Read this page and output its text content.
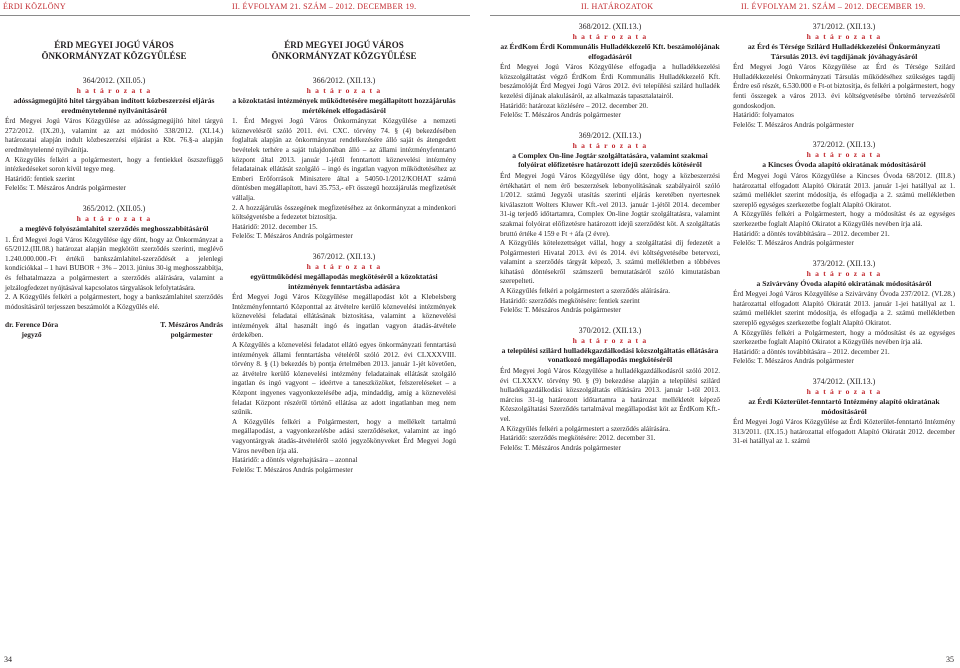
ÉRDI KÖZLÖNY	II. ÉVFOLYAM 21. SZÁM – 2012. DECEMBER 19.	II. HATÁROZATOK	II. ÉVFOLYAM 21. SZÁM – 2012. DECEMBER 19.
ÉRD MEGYEI JOGÚ VÁROS
ÖNKORMÁNYZAT KÖZGYŰLÉSE
364/2012. (XII.05.)
h a t á r o z a t a
adósságmegújító hitel tárgyában indított közbeszerzési eljárás eredménytelenné nyilvánításáról

Érd Megyei Jogú Város Közgyűlése az adósságmegújító hitel tárgyú 272/2012. (IX.20.), valamint az azt módosító 338/2012. (XI.14.) határozatai alapján indult közbeszerzési eljárást a Kbt. 76.§-a alapján eredménytelenné nyilvánítja.

A Közgyűlés felkéri a polgármestert, hogy a fentiekkel öszszefüggő intézkedéseket soron kívül tegye meg.

Határidő: fentiek szerint

Felelős: T. Mészáros András polgármester

365/2012. (XII.05.)
h a t á r o z a t a
a meglévő folyószámlahitel szerződés meghosszabbításáról

1. Érd Megyei Jogú Város Közgyűlése úgy dönt, hogy az Önkormányzat a 65/2012.(III.08.) határozat alapján megkötött szerződés szerinti, meglévő 1.240.000.000.-Ft értékű bankszámlahitel-szerződését a jelenlegi kondíciókkal – 1 havi BUBOR + 3% – 2013. június 30-ig meghosszabbítja, és felhatalmazza a polgármestert a szerződés aláírására, valamint a jelzálogfedezet nyújtásával kapcsolatos tárgyalások lefolytatására.

2. A Közgyűlés felkéri a polgármestert, hogy a bankszámlahitel szerződés módosításáról terjesszen beszámolót a Közgyűlés elé.

dr. Ference Dóra
jegyző
T. Mészáros András
polgármester
ÉRD MEGYEI JOGÚ VÁROS
ÖNKORMÁNYZAT KÖZGYŰLÉSE
366/2012. (XII.13.)
h a t á r o z a t a
a közoktatási intézmények működtetésére megállapított hozzájárulás mértékének elfogadásáról

1. Érd Megyei Jogú Város Önkormányzat Közgyűlése a nemzeti köznevelésről szóló 2011. évi. CXC. törvény 74. § (4) bekezdésében foglaltak alapján az önkormányzat rendelkezésére álló saját és átengedett bevételek terhére a saját tulajdonában álló – az állami intézményfenntartó központ által 2013. január 1-jétől fenntartott köznevelési intézmény feladatainak ellátását szolgáló – ingó és ingatlan vagyon működtetéséhez az Emberi Erőforrások Minisztere által a 54050-1/2012/KOHAT számú döntésben megállapított, havi 35.753,- eFt összegű hozzájárulás megfizetését vállalja.

2. A hozzájárulás összegének megfizetéséhez az önkormányzat a mindenkori költségvetésbe a fedezetet biztosítja.

Határidő: 2012. december 15.

Felelős: T. Mészáros András polgármester

367/2012. (XII.13.)
h a t á r o z a t a
együttműködési megállapodás megkötéséről a közoktatási intézmények fenntartásba adására

Érd Megyei Jogú Város Közgyűlése megállapodást köt a Klebelsberg Intézményfenntartó Központtal az átvételre kerülő köznevelési intézmények köznevelési feladatai ellátásának biztosítása, valamint a köznevelési intézmények által használt ingó és ingatlan vagyon átadás-átvétele érdekében.

A Közgyűlés a köznevelési feladatot ellátó egyes önkormányzati fenntartású intézmények állami fenntartásba vételéről szóló 2012. évi CLXXXVIII. törvény 8. § (1) bekezdés b) pontja értelmében 2013. január 1-jét követően, az átvételre kerülő köznevelési intézmény feladatainak ellátását szolgáló ingatlan és ingó vagyont – ideértve a taneszközöket, felszereléseket – a Központ ingyenes vagyonkezelésébe adja, mindaddig, amíg a köznevelési feladat Központ részéről történő ellátása az adott ingatlanban meg nem szűnik.

A Közgyűlés felkéri a Polgármestert, hogy a mellékelt tartalmú megállapodást, a vagyonkezelésbe adási szerződéseket, valamint az ingó vagyontárgyak átadás-átvételéről szóló jegyzőkönyveket Érd Megyei Jogú Város nevében írja alá.

Határidő: a döntés végrehajtására – azonnal

Felelős: T. Mészáros András polgármester

368/2012. (XII.13.)
h a t á r o z a t a
az ÉrdKom Érdi Kommunális Hulladékkezelő Kft. beszámolójának elfogadásáról

Érd Megyei Jogú Város Közgyűlése elfogadja a hulladékkezelési közszolgáltatást végző ÉrdKom Érdi Kommunális Hulladékkezelő Kft. beszámolóját Érd Megyei Jogú Város 2012. évi települési szilárd hulladék kezelési díjának alakulásáról, az alkalmazás tapasztalatairól.

Határidő: határozat közlésére – 2012. december 20.

Felelős: T. Mészáros András polgármester

369/2012. (XII.13.)
h a t á r o z a t a
a Complex On-line Jogtár szolgáltatására, valamint szakmai folyóirat előfizetésre határozott idejű szerződés kötéséről

Érd Megyei Jogú Város Közgyűlése úgy dönt, hogy a közbeszerzési értékhatárt el nem érő beszerzések lebonyolításának szabályairól szóló 1/2012. számú Jegyzői utasítás szerinti eljárás keretében nyertesnek kiválasztott Wolters Kluwer Kft.-vel 2013. január 1-jétől 2014. december 31-ig terjedő időtartamra, Complex On-line Jogtár szolgáltatásra, valamint szakmai folyóirat előfizetésre határozott idejű szerződést köt. A szolgáltatás bruttó értéke 4 159 e Ft + áfa (2 évre).

A Közgyűlés kötelezettséget vállal, hogy a szolgáltatási díj fedezetét a Polgármesteri Hivatal 2013. évi és 2014. évi költségvetésébe betervezi, valamint a szerződés tárgyát képező, 3. számú mellékletben a többéves kihatású döntésekről számszerű bemutatásáról szóló kimutatásban szerepelteti.

A Közgyűlés felkéri a polgármestert a szerződés aláírására.

Határidő: szerződés megkötésére: fentiek szerint

Felelős: T. Mészáros András polgármester

370/2012. (XII.13.)
h a t á r o z a t a
a települési szilárd hulladékgazdálkodási közszolgáltatás ellátására vonatkozó megállapodás megkötéséről

Érd Megyei Jogú Város Közgyűlése a hulladékgazdálkodásról szóló 2012. évi CLXXXV. törvény 90. § (9) bekezdése alapján a települési szilárd hulladékgazdálkodási közszolgáltatás ellátására 2013. január 1-től 2013. március 31-ig határozott időtartamra a határozat mellékletét képező Közszolgáltatási Szerződés tartalmával megállapodást köt az ÉrdKom Kft.-vel.

A Közgyűlés felkéri a polgármestert a szerződés aláírására.

Határidő: szerződés megkötésére: 2012. december 31.

Felelős: T. Mészáros András polgármester

371/2012. (XII.13.)
h a t á r o z a t a
az Érd és Térsége Szilárd Hulladékkezelési Önkormányzati Társulás 2013. évi tagdíjának jóváhagyásáról

Érd Megyei Jogú Város Közgyűlése az Érd és Térsége Szilárd Hulladékkezelési Önkormányzati Társulás működéséhez szükséges tagdíj Érdre eső részét, 6.530.000 e Ft-ot biztosítja, és felkéri a polgármestert, hogy fenti összegek a város 2013. évi költségvetésébe történő tervezéséről gondoskodjon.

Határidő: folyamatos

Felelős: T. Mészáros András polgármester

372/2012. (XII.13.)
h a t á r o z a t a
a Kincses Óvoda alapító okiratának módosításáról

Érd Megyei Jogú Város Közgyűlése a Kincses Óvoda 68/2012. (III.8.) határozattal elfogadott Alapító Okiratát 2013. január 1-jei hatállyal az 1. számú melléklet szerint módosítja, és elfogadja a 2. számú mellékletben szereplő egységes szerkezetbe foglalt Alapító Okiratot.

A Közgyűlés felkéri a Polgármestert, hogy a módosítást és az egységes szerkezetbe foglalt Alapító Okiratot a Közgyűlés nevében írja alá.

Határidő: a döntés továbbítására – 2012. december 21.

Felelős: T. Mészáros András polgármester

373/2012. (XII.13.)
h a t á r o z a t a
a Szivárvány Óvoda alapító okiratának módosításáról

Érd Megyei Jogú Város Közgyűlése a Szivárvány Óvoda 237/2012. (VI.28.) határozattal elfogadott Alapító Okiratát 2013. január 1-jei hatállyal az 1. számú melléklet szerint módosítja, és elfogadja a 2. számú mellékletben szereplő egységes szerkezetbe foglalt Alapító Okiratot.

A Közgyűlés felkéri a Polgármestert, hogy a módosítást és az egységes szerkezetbe foglalt Alapító Okiratot a Közgyűlés nevében írja alá.

Határidő: a döntés továbbítására – 2012. december 21.

Felelős: T. Mészáros András polgármester

374/2012. (XII.13.)
h a t á r o z a t a
az Érdi Közterület-fenntartó Intézmény alapító okiratának módosításáról

Érd Megyei Jogú Város Közgyűlése az Érdi Közterület-fenntartó Intézmény 313/2011. (IX.15.) határozattal elfogadott Alapító Okiratát 2012. december 31-ei hatállyal az 1. számú

34	35
